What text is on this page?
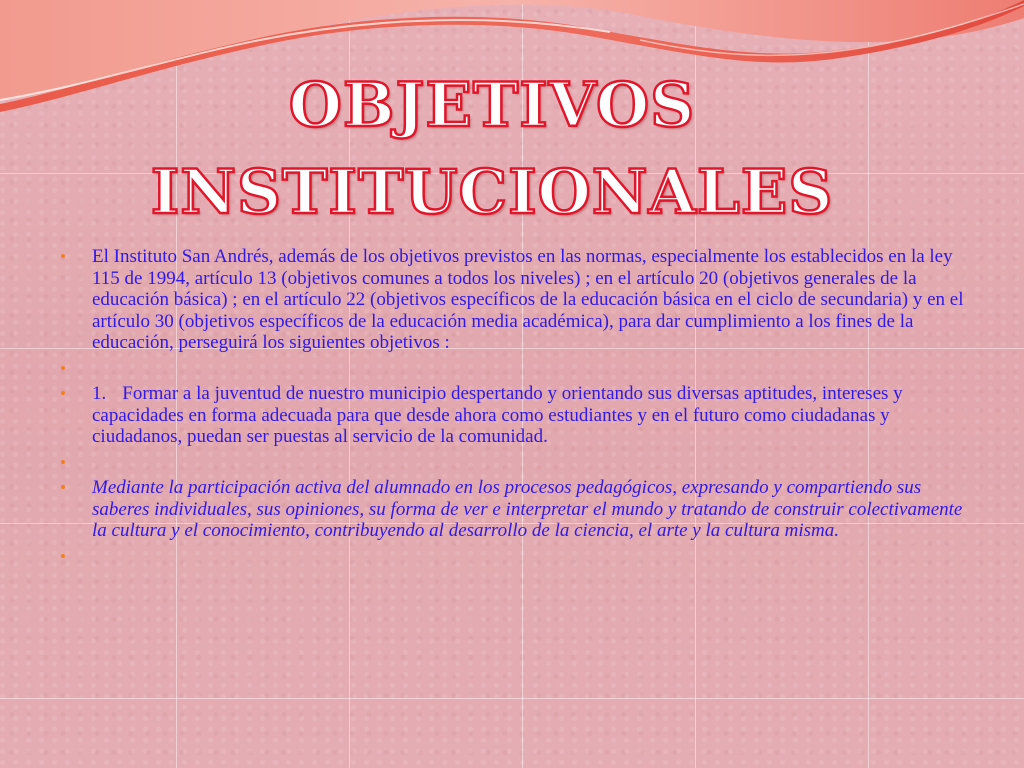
OBJETIVOS
INSTITUCIONALES
• El Instituto San Andrés, además de los objetivos previstos en las normas, especialmente los establecidos en la ley 115 de 1994, artículo 13 (objetivos comunes a todos los niveles) ; en el artículo 20 (objetivos generales de la educación básica) ; en el artículo 22 (objetivos específicos de la educación básica en el ciclo de secundaria) y en el artículo 30 (objetivos específicos de la educación media académica), para dar cumplimiento a los fines de la educación, perseguirá los siguientes objetivos :
•
• 1. Formar a la juventud de nuestro municipio despertando y orientando sus diversas aptitudes, intereses y capacidades en forma adecuada para que desde ahora como estudiantes y en el futuro como ciudadanas y ciudadanos, puedan ser puestas al servicio de la comunidad.
•
• Mediante la participación activa del alumnado en los procesos pedagógicos, expresando y compartiendo sus saberes individuales, sus opiniones, su forma de ver e interpretar el mundo y tratando de construir colectivamente la cultura y el conocimiento, contribuyendo al desarrollo de la ciencia, el arte y la cultura misma.
•
